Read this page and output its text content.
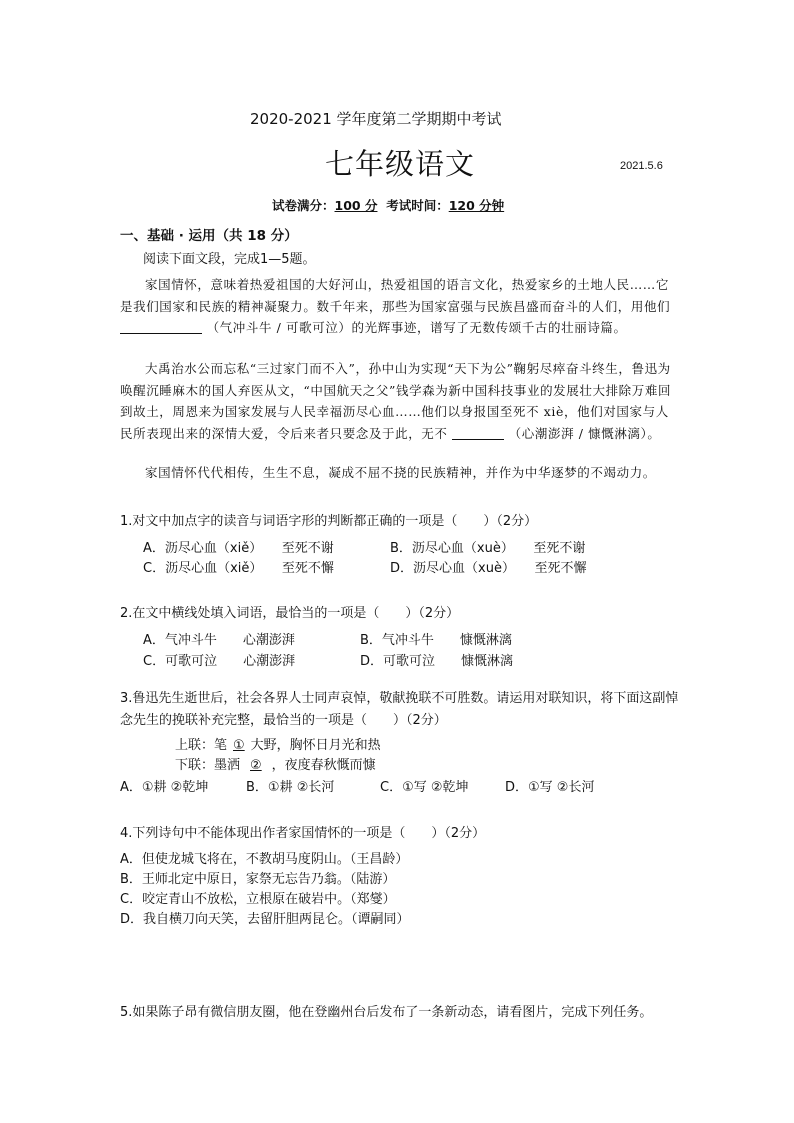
2020-2021 学年度第二学期期中考试
七年级语文	2021.5.6
试卷满分：100 分 考试时间：120 分钟
一、基础 · 运用（共 18 分）
阅读下面文段，完成1—5题。
家国情怀，意味着热爱祖国的大好河山，热爱祖国的语言文化，热爱家乡的土地人民……它是我们国家和民族的精神凝聚力。数千年来，那些为国家富强与民族昌盛而奋斗的人们，用他们  （气冲斗牛 / 可歌可泣）的光辉事迹，谱写了无数传颂千古的壮丽诗篇。
大禹治水公而忘私“三过家门而不入”，孙中山为实现“天下为公”鞠躬尽瘁奋斗终生，鲁迅为唤醒沉睡麻木的国人弃医从文，“中国航天之父”钱学森为新中国科技事业的发展壮大排除万难回到故土，周恩来为国家发展与人民幸福沥尽心血……他们以身报国至死不 xiè，他们对国家与人民所表现出来的深情大爱，令后来者只要念及于此，无不	（心潮澎湃 / 慷慨淋漓）。
家国情怀代代相传，生生不息，凝成不屈不挠的民族精神，并作为中华逐梦的不竭动力。
1.对文中加点字的读音与词语字形的判断都正确的一项是（　　）（2分）
A．沥尽心血（xiě）　　至死不谢	B．沥尽心血（xuè）　　至死不谢
C．沥尽心血（xiě）　　至死不懈	D．沥尽心血（xuè）　　至死不懈
2.在文中横线处填入词语，最恰当的一项是（　　）（2分）
A．气冲斗牛　　心潮澎湃	B．气冲斗牛　　慷慨淋漓
C．可歌可泣　　心潮澎湃	D．可歌可泣　　慷慨淋漓
3.鲁迅先生逝世后，社会各界人士同声哀悼，敬献挽联不可胜数。请运用对联知识，将下面这副悼念先生的挽联补充完整，最恰当的一项是（　　）（2分）
上联：笔 ① 大野，胸怀日月光和热
下联：墨洒 ② ，夜度春秋慨而慷
A．①耕 ②乾坤	B．①耕 ②长河	C．①写 ②乾坤	D．①写 ②长河
4.下列诗句中不能体现出作者家国情怀的一项是（　　）（2分）
A．但使龙城飞将在，不教胡马度阴山。（王昌龄）
B．王师北定中原日，家祭无忘告乃翁。（陆游）
C．咬定青山不放松，立根原在破岩中。（郑燮）
D．我自横刀向天笑，去留肝胆两昆仑。（谭嗣同）
5.如果陈子昂有微信朋友圈，他在登幽州台后发布了一条新动态，请看图片，完成下列任务。
